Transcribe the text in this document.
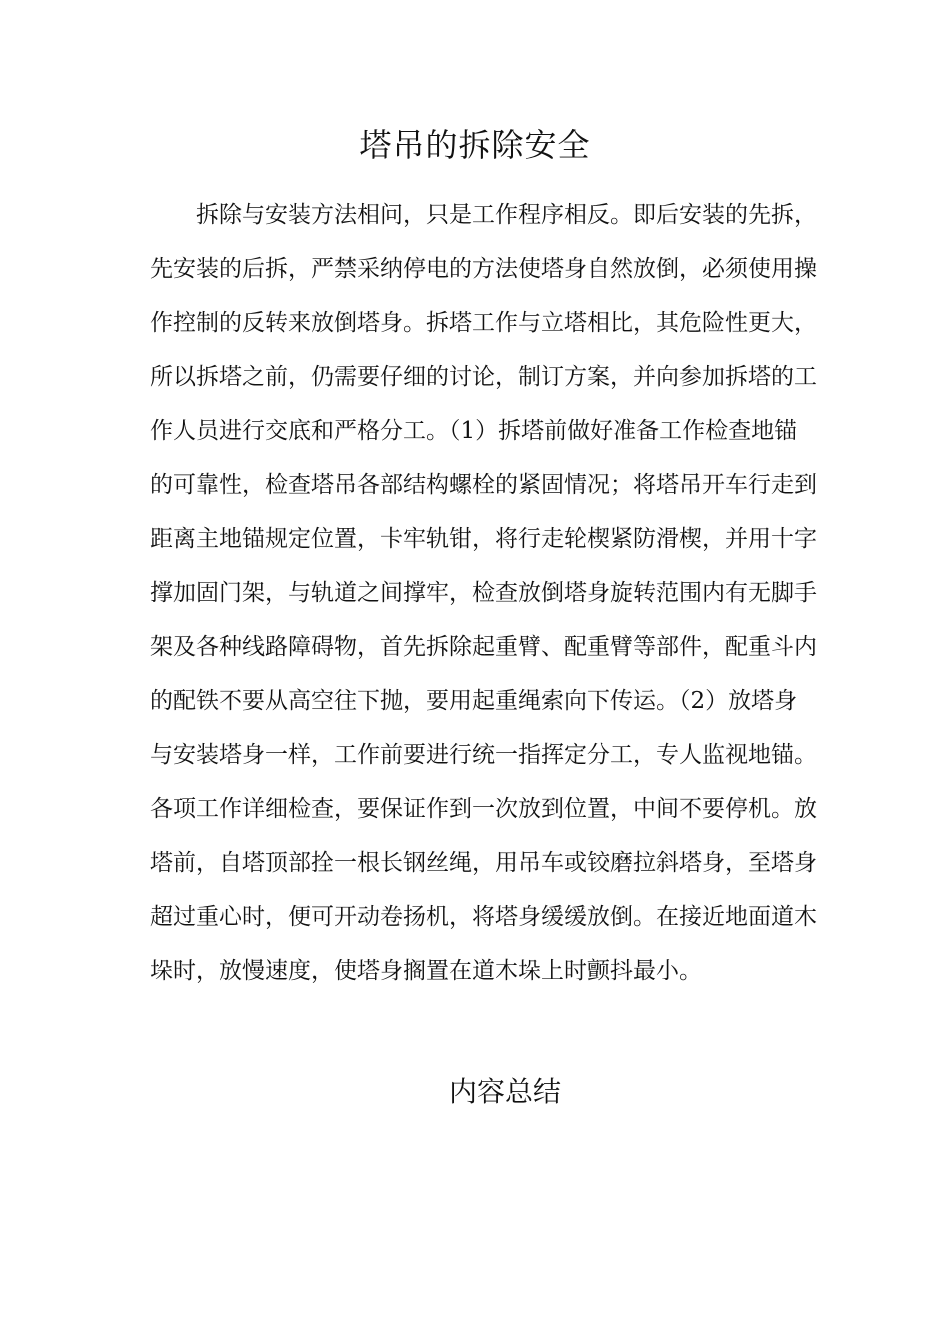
塔吊的拆除安全
拆除与安装方法相问，只是工作程序相反。即后安装的先拆，
先安装的后拆，严禁采纳停电的方法使塔身自然放倒，必须使用操
作控制的反转来放倒塔身。拆塔工作与立塔相比，其危险性更大，
所以拆塔之前，仍需要仔细的讨论，制订方案，并向参加拆塔的工
作人员进行交底和严格分工。（1）拆塔前做好准备工作检查地锚
的可靠性，检查塔吊各部结构螺栓的紧固情况；将塔吊开车行走到
距离主地锚规定位置，卡牢轨钳，将行走轮楔紧防滑楔，并用十字
撑加固门架，与轨道之间撑牢，检查放倒塔身旋转范围内有无脚手
架及各种线路障碍物，首先拆除起重臂、配重臂等部件，配重斗内
的配铁不要从高空往下抛，要用起重绳索向下传运。（2）放塔身
与安装塔身一样，工作前要进行统一指挥定分工，专人监视地锚。
各项工作详细检查，要保证作到一次放到位置，中间不要停机。放
塔前，自塔顶部拴一根长钢丝绳，用吊车或铰磨拉斜塔身，至塔身
超过重心时，便可开动卷扬机，将塔身缓缓放倒。在接近地面道木
垛时，放慢速度，使塔身搁置在道木垛上时颤抖最小。
内容总结
